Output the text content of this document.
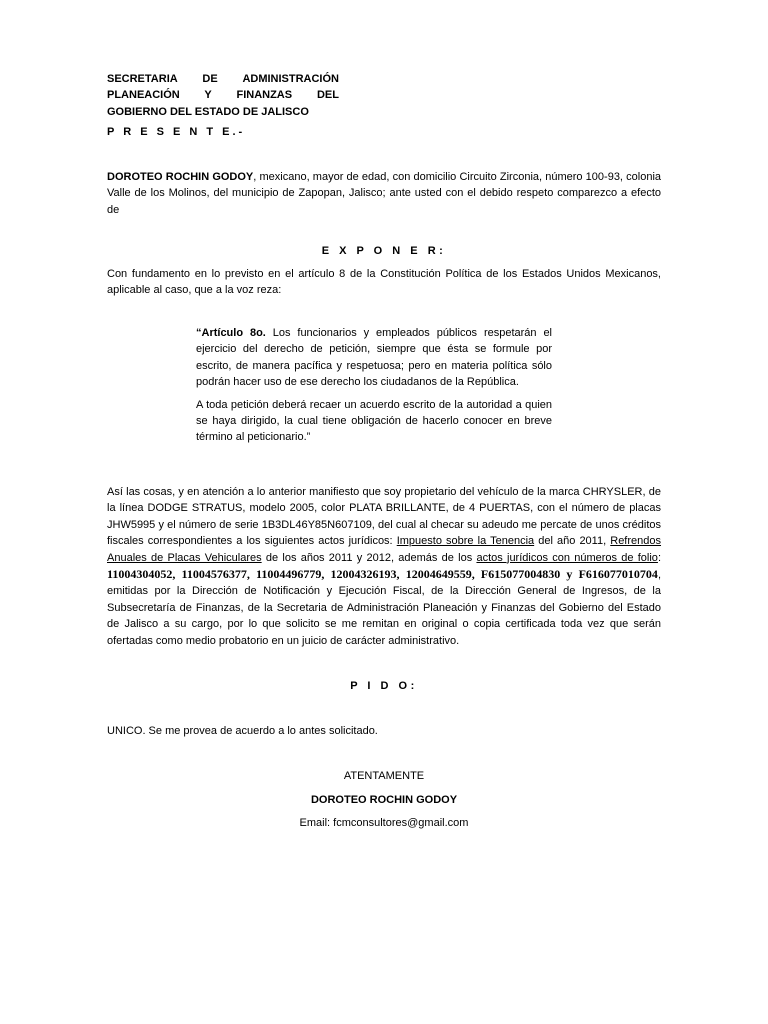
SECRETARIA DE ADMINISTRACIÓN
PLANEACIÓN Y FINANZAS DEL
GOBIERNO DEL ESTADO DE JALISCO
P R E S E N T E.-
DOROTEO ROCHIN GODOY, mexicano, mayor de edad, con domicilio Circuito Zirconia, número 100-93, colonia Valle de los Molinos, del municipio de Zapopan, Jalisco; ante usted con el debido respeto comparezco a efecto de
E X P O N E R:
Con fundamento en lo previsto en el artículo 8 de la Constitución Política de los Estados Unidos Mexicanos, aplicable al caso, que a la voz reza:

“Artículo 8o. Los funcionarios y empleados públicos respetarán el ejercicio del derecho de petición, siempre que ésta se formule por escrito, de manera pacífica y respetuosa; pero en materia política sólo podrán hacer uso de ese derecho los ciudadanos de la República.

A toda petición deberá recaer un acuerdo escrito de la autoridad a quien se haya dirigido, la cual tiene obligación de hacerlo conocer en breve término al peticionario.”

Así las cosas, y en atención a lo anterior manifiesto que soy propietario del vehículo de la marca CHRYSLER, de la línea DODGE STRATUS, modelo 2005, color PLATA BRILLANTE, de 4 PUERTAS, con el número de placas JHW5995 y el número de serie 1B3DL46Y85N607109, del cual al checar su adeudo me percate de unos créditos fiscales correspondientes a los siguientes actos jurídicos: Impuesto sobre la Tenencia del año 2011, Refrendos Anuales de Placas Vehiculares de los años 2011 y 2012, además de los actos jurídicos con números de folio: 11004304052, 11004576377, 11004496779, 12004326193, 12004649559, F615077004830 y F616077010704, emitidas por la Dirección de Notificación y Ejecución Fiscal, de la Dirección General de Ingresos, de la Subsecretaría de Finanzas, de la Secretaria de Administración Planeación y Finanzas del Gobierno del Estado de Jalisco a su cargo, por lo que solicito se me remitan en original o copia certificada toda vez que serán ofertadas como medio probatorio en un juicio de carácter administrativo.
P I D O:
UNICO. Se me provea de acuerdo a lo antes solicitado.
ATENTAMENTE
DOROTEO ROCHIN GODOY
Email: fcmconsultores@gmail.com
